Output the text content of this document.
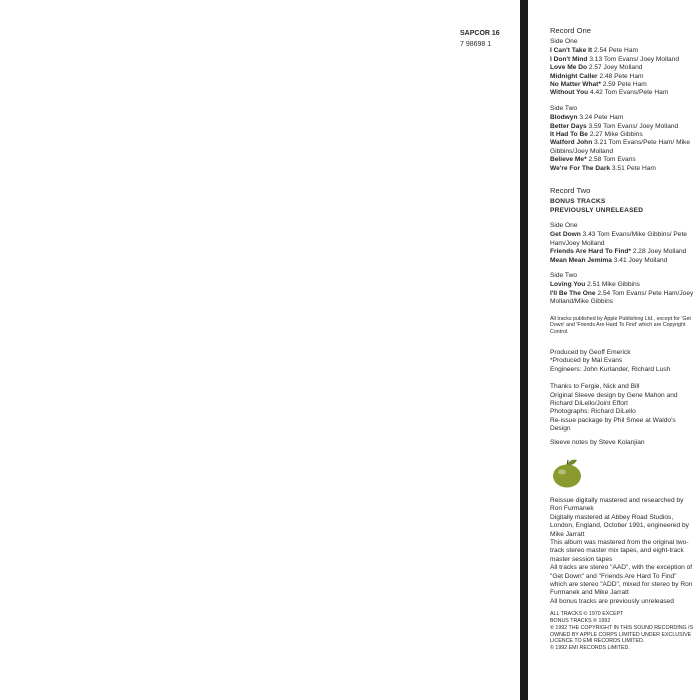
SAPCOR 16
7 98698 1
Record One
Side One

I Can't Take It 2.54 Pete Ham

I Don't Mind 3.13 Tom Evans/ Joey Molland

Love Me Do 2.57 Joey Molland

Midnight Caller 2.48 Pete Ham

No Matter What* 2.59 Pete Ham

Without You 4.42 Tom Evans/Pete Ham

Side Two

Blodwyn 3.24 Pete Ham

Better Days 3.59 Tom Evans/ Joey Molland

It Had To Be 2.27 Mike Gibbins

Watford John 3.21 Tom Evans/Pete Ham/ Mike Gibbins/Joey Molland

Believe Me* 2.58 Tom Evans

We're For The Dark 3.51 Pete Ham

Record Two
BONUS TRACKS
PREVIOUSLY UNRELEASED
Side One

Get Down 3.43 Tom Evans/Mike Gibbins/ Pete Ham/Joey Molland

Friends Are Hard To Find* 2.28 Joey Molland

Mean Mean Jemima 3.41 Joey Molland

Side Two

Loving You 2.51 Mike Gibbins

I'll Be The One 2.54 Tom Evans/ Pete Ham/Joey Molland/Mike Gibbins

All tracks published by Apple Publishing Ltd., except for 'Get Down' and 'Friends Are Hard To Find' which are Copyright Control.

Produced by Geoff Emerick

*Produced by Mal Evans

Engineers: John Kurlander, Richard Lush

Thanks to Fergie, Nick and Bill

Original Sleeve design by Gene Mahon and Richard DiLello/Joint Effort

Photographs: Richard DiLello

Re-issue package by Phil Smee at Waldo's Design

Sleeve notes by Steve Kolanjian

Reissue digitally mastered and researched by Ron Furmanek

Digitally mastered at Abbey Road Studios, London, England, October 1991, engineered by Mike Jarratt

This album was mastered from the original two-track stereo master mix tapes, and eight-track master session tapes

All tracks are stereo "AAD", with the exception of "Get Down" and "Friends Are Hard To Find" which are stereo "ADD", mixed for stereo by Ron Furmanek and Mike Jarratt

All bonus tracks are previously unreleased

ALL TRACKS ℗ 1970 EXCEPT
BONUS TRACKS ℗ 1992
℗ 1992 THE COPYRIGHT IN THIS SOUND RECORDING IS OWNED BY APPLE CORPS LIMITED UNDER EXCLUSIVE LICENCE TO EMI RECORDS LIMITED.
© 1992 EMI RECORDS LIMITED.
